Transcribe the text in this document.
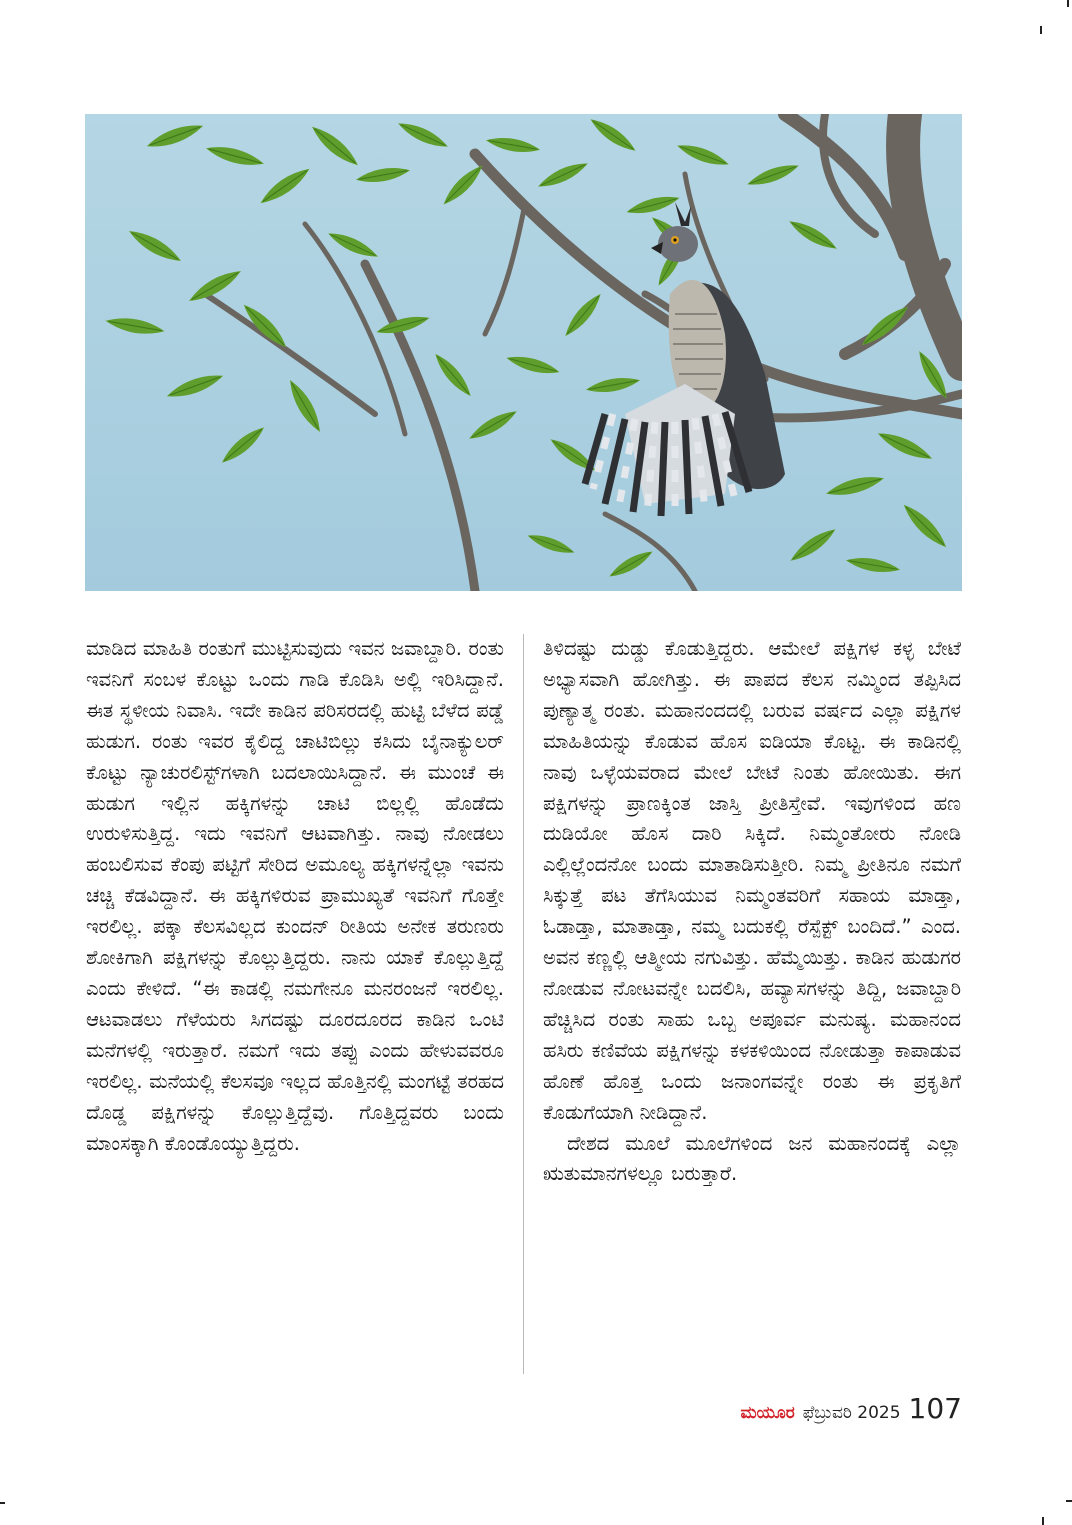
ಮಾಡಿದ ಮಾಹಿತಿ ರಂತುಗೆ ಮುಟ್ಟಿಸುವುದು ಇವನ ಜವಾಬ್ದಾರಿ. ರಂತು ಇವನಿಗೆ ಸಂಬಳ ಕೊಟ್ಟು ಒಂದು ಗಾಡಿ ಕೊಡಿಸಿ ಅಲ್ಲಿ ಇರಿಸಿದ್ದಾನೆ. ಈತ ಸ್ಥಳೀಯ ನಿವಾಸಿ. ಇದೇ ಕಾಡಿನ ಪರಿಸರದಲ್ಲಿ ಹುಟ್ಟಿ ಬೆಳೆದ ಪಡ್ಡೆ ಹುಡುಗ. ರಂತು ಇವರ ಕೈಲಿದ್ದ ಚಾಟಿಬಿಲ್ಲು ಕಸಿದು ಬೈನಾಕ್ಯುಲರ್ ಕೊಟ್ಟು ನ್ಯಾಚುರಲಿಸ್ಟ್‌ಗಳಾಗಿ ಬದಲಾಯಿಸಿದ್ದಾನೆ. ಈ ಮುಂಚೆ ಈ ಹುಡುಗ ಇಲ್ಲಿನ ಹಕ್ಕಿಗಳನ್ನು ಚಾಟಿ ಬಿಲ್ಲಲ್ಲಿ ಹೊಡೆದು ಉರುಳಿಸುತ್ತಿದ್ದ. ಇದು ಇವನಿಗೆ ಆಟವಾಗಿತ್ತು. ನಾವು ನೋಡಲು ಹಂಬಲಿಸುವ ಕೆಂಪು ಪಟ್ಟಿಗೆ ಸೇರಿದ ಅಮೂಲ್ಯ ಹಕ್ಕಿಗಳನ್ನೆಲ್ಲಾ ಇವನು ಚಚ್ಚಿ ಕೆಡವಿದ್ದಾನೆ. ಈ ಹಕ್ಕಿಗಳಿರುವ ಪ್ರಾಮುಖ್ಯತೆ ಇವನಿಗೆ ಗೊತ್ತೇ ಇರಲಿಲ್ಲ. ಪಕ್ಕಾ ಕೆಲಸವಿಲ್ಲದ ಕುಂದನ್ ರೀತಿಯ ಅನೇಕ ತರುಣರು ಶೋಕಿಗಾಗಿ ಪಕ್ಷಿಗಳನ್ನು ಕೊಲ್ಲುತ್ತಿದ್ದರು. ನಾನು ಯಾಕೆ ಕೊಲ್ಲುತ್ತಿದ್ದೆ ಎಂದು ಕೇಳಿದೆ. “ಈ ಕಾಡಲ್ಲಿ ನಮಗೇನೂ ಮನರಂಜನೆ ಇರಲಿಲ್ಲ. ಆಟವಾಡಲು ಗೆಳೆಯರು ಸಿಗದಷ್ಟು ದೂರದೂರದ ಕಾಡಿನ ಒಂಟಿ ಮನೆಗಳಲ್ಲಿ ಇರುತ್ತಾರೆ. ನಮಗೆ ಇದು ತಪ್ಪು ಎಂದು ಹೇಳುವವರೂ ಇರಲಿಲ್ಲ. ಮನೆಯಲ್ಲಿ ಕೆಲಸವೂ ಇಲ್ಲದ ಹೊತ್ತಿನಲ್ಲಿ ಮಂಗಟ್ಟೆ ತರಹದ ದೊಡ್ಡ ಪಕ್ಷಿಗಳನ್ನು ಕೊಲ್ಲುತ್ತಿದ್ದೆವು. ಗೊತ್ತಿದ್ದವರು ಬಂದು ಮಾಂಸಕ್ಕಾಗಿ ಕೊಂಡೊಯ್ಯುತ್ತಿದ್ದರು.

ತಿಳಿದಷ್ಟು ದುಡ್ಡು ಕೊಡುತ್ತಿದ್ದರು. ಆಮೇಲೆ ಪಕ್ಷಿಗಳ ಕಳ್ಳ ಬೇಟೆ ಅಭ್ಯಾಸವಾಗಿ ಹೋಗಿತ್ತು. ಈ ಪಾಪದ ಕೆಲಸ ನಮ್ಮಿಂದ ತಪ್ಪಿಸಿದ ಪುಣ್ಯಾತ್ಮ ರಂತು. ಮಹಾನಂದದಲ್ಲಿ ಬರುವ ವರ್ಷದ ಎಲ್ಲಾ ಪಕ್ಷಿಗಳ ಮಾಹಿತಿಯನ್ನು ಕೊಡುವ ಹೊಸ ಐಡಿಯಾ ಕೊಟ್ಟ. ಈ ಕಾಡಿನಲ್ಲಿ ನಾವು ಒಳ್ಳೆಯವರಾದ ಮೇಲೆ ಬೇಟೆ ನಿಂತು ಹೋಯಿತು. ಈಗ ಪಕ್ಷಿಗಳನ್ನು ಪ್ರಾಣಕ್ಕಿಂತ ಜಾಸ್ತಿ ಪ್ರೀತಿಸ್ತೇವೆ. ಇವುಗಳಿಂದ ಹಣ ದುಡಿಯೋ ಹೊಸ ದಾರಿ ಸಿಕ್ಕಿದೆ. ನಿಮ್ಮಂತೋರು ನೋಡಿ ಎಲ್ಲಿಲ್ಲೆಂದನೋ ಬಂದು ಮಾತಾಡಿಸುತ್ತೀರಿ. ನಿಮ್ಮ ಪ್ರೀತಿನೂ ನಮಗೆ ಸಿಕ್ಕುತ್ತೆ ಪಟ ತೆಗೆಸಿಯುವ ನಿಮ್ಮಂತವರಿಗೆ ಸಹಾಯ ಮಾಡ್ತಾ, ಓಡಾಡ್ತಾ, ಮಾತಾಡ್ತಾ, ನಮ್ಮ ಬದುಕಲ್ಲಿ ರೆಸ್ಪೆಕ್ಟ್ ಬಂದಿದೆ.” ಎಂದ. ಅವನ ಕಣ್ಣಲ್ಲಿ ಆತ್ಮೀಯ ನಗುವಿತ್ತು. ಹೆಮ್ಮೆಯಿತ್ತು. ಕಾಡಿನ ಹುಡುಗರ ನೋಡುವ ನೋಟವನ್ನೇ ಬದಲಿಸಿ, ಹವ್ಯಾಸಗಳನ್ನು ತಿದ್ದಿ, ಜವಾಬ್ದಾರಿ ಹೆಚ್ಚಿಸಿದ ರಂತು ಸಾಹು ಒಬ್ಬ ಅಪೂರ್ವ ಮನುಷ್ಯ. ಮಹಾನಂದ ಹಸಿರು ಕಣಿವೆಯ ಪಕ್ಷಿಗಳನ್ನು ಕಳಕಳಿಯಿಂದ ನೋಡುತ್ತಾ ಕಾಪಾಡುವ ಹೊಣೆ ಹೊತ್ತ ಒಂದು ಜನಾಂಗವನ್ನೇ ರಂತು ಈ ಪ್ರಕೃತಿಗೆ ಕೊಡುಗೆಯಾಗಿ ನೀಡಿದ್ದಾನೆ.

ದೇಶದ ಮೂಲೆ ಮೂಲೆಗಳಿಂದ ಜನ ಮಹಾನಂದಕ್ಕೆ ಎಲ್ಲಾ ಋತುಮಾನಗಳಲ್ಲೂ ಬರುತ್ತಾರೆ.

ಮಯೂರ ಫೆಬ್ರುವರಿ 2025 107
